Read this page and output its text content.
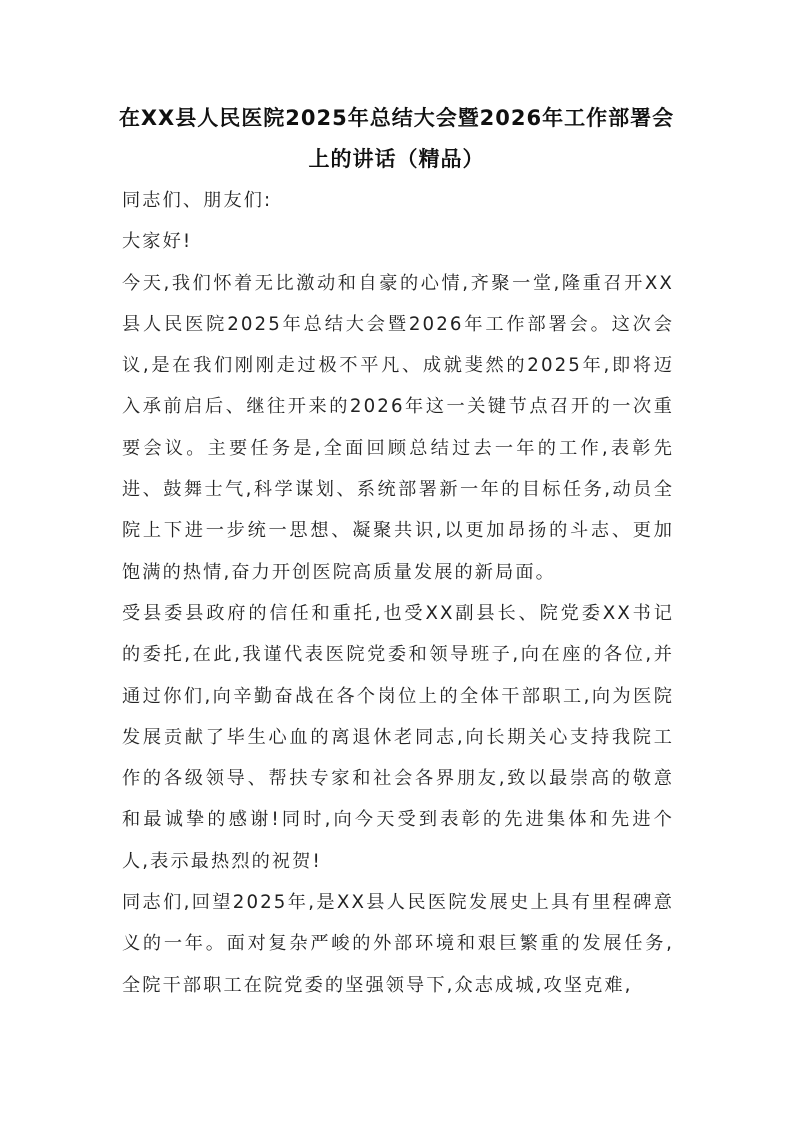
在XX县人民医院2025年总结大会暨2026年工作部署会上的讲话（精品）

同志们、朋友们:

大家好!

今天,我们怀着无比激动和自豪的心情,齐聚一堂,隆重召开XX县人民医院2025年总结大会暨2026年工作部署会。这次会议,是在我们刚刚走过极不平凡、成就斐然的2025年,即将迈入承前启后、继往开来的2026年这一关键节点召开的一次重要会议。主要任务是,全面回顾总结过去一年的工作,表彰先进、鼓舞士气,科学谋划、系统部署新一年的目标任务,动员全院上下进一步统一思想、凝聚共识,以更加昂扬的斗志、更加饱满的热情,奋力开创医院高质量发展的新局面。

受县委县政府的信任和重托,也受XX副县长、院党委XX书记的委托,在此,我谨代表医院党委和领导班子,向在座的各位,并通过你们,向辛勤奋战在各个岗位上的全体干部职工,向为医院发展贡献了毕生心血的离退休老同志,向长期关心支持我院工作的各级领导、帮扶专家和社会各界朋友,致以最崇高的敬意和最诚挚的感谢!同时,向今天受到表彰的先进集体和先进个人,表示最热烈的祝贺!

同志们,回望2025年,是XX县人民医院发展史上具有里程碑意义的一年。面对复杂严峻的外部环境和艰巨繁重的发展任务,全院干部职工在院党委的坚强领导下,众志成城,攻坚克难,
